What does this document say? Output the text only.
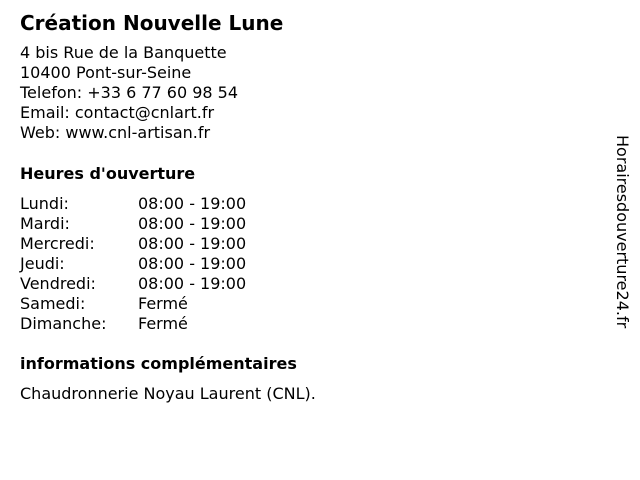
Création Nouvelle Lune
4 bis Rue de la Banquette
10400 Pont-sur-Seine
Telefon: +33 6 77 60 98 54
Email: contact@cnlart.fr
Web: www.cnl-artisan.fr
Heures d'ouverture
Lundi:	08:00 - 19:00
Mardi:	08:00 - 19:00
Mercredi:	08:00 - 19:00
Jeudi:	08:00 - 19:00
Vendredi:	08:00 - 19:00
Samedi:	Fermé
Dimanche:	Fermé
informations complémentaires
Chaudronnerie Noyau Laurent (CNL).
Horairesdouverture24.fr
